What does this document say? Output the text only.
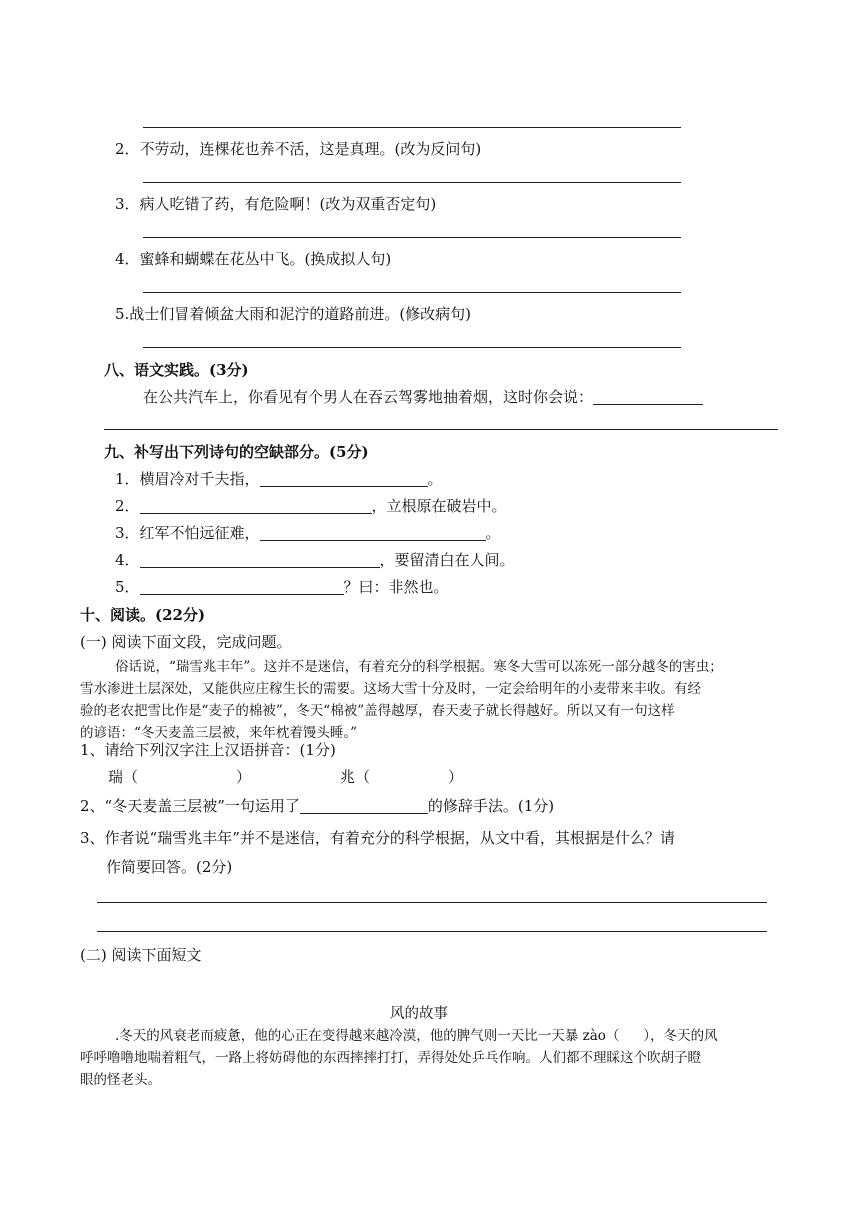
2．不劳动，连棵花也养不活，这是真理。(改为反问句)
3．病人吃错了药，有危险啊！(改为双重否定句)
4．蜜蜂和蝴蝶在花丛中飞。(换成拟人句)
5.战士们冒着倾盆大雨和泥泞的道路前进。(修改病句)
八、语文实践。(3分)
在公共汽车上，你看见有个男人在吞云驾雾地抽着烟，这时你会说：
九、补写出下列诗句的空缺部分。(5分)
1．横眉冷对千夫指，	。
2．	，立根原在破岩中。
3．红军不怕远征难，	。
4．	，要留清白在人间。
5．	？曰：非然也。
十、阅读。(22分)
(一) 阅读下面文段，完成问题。
俗话说，“瑞雪兆丰年”。这并不是迷信，有着充分的科学根据。寒冬大雪可以冻死一部分越冬的害虫；
雪水渗进土层深处，又能供应庄稼生长的需要。这场大雪十分及时，一定会给明年的小麦带来丰收。有经
验的老农把雪比作是“麦子的棉被”，冬天“棉被”盖得越厚，春天麦子就长得越好。所以又有一句这样
的谚语：“冬天麦盖三层被，来年枕着馒头睡。”
1、请给下列汉字注上汉语拼音：(1分)
瑞（	）	兆（	）
2、“冬天麦盖三层被”一句运用了	的修辞手法。(1分)
3、作者说“瑞雪兆丰年”并不是迷信，有着充分的科学根据，从文中看，其根据是什么？请
作简要回答。(2分)
(二) 阅读下面短文
风的故事
.冬天的风衰老而疲惫，他的心正在变得越来越冷漠，他的脾气则一天比一天暴 zào（ ），冬天的风
呼呼噜噜地喘着粗气，一路上将妨碍他的东西摔摔打打，弄得处处乒乓作响。人们都不理睬这个吹胡子瞪
眼的怪老头。
